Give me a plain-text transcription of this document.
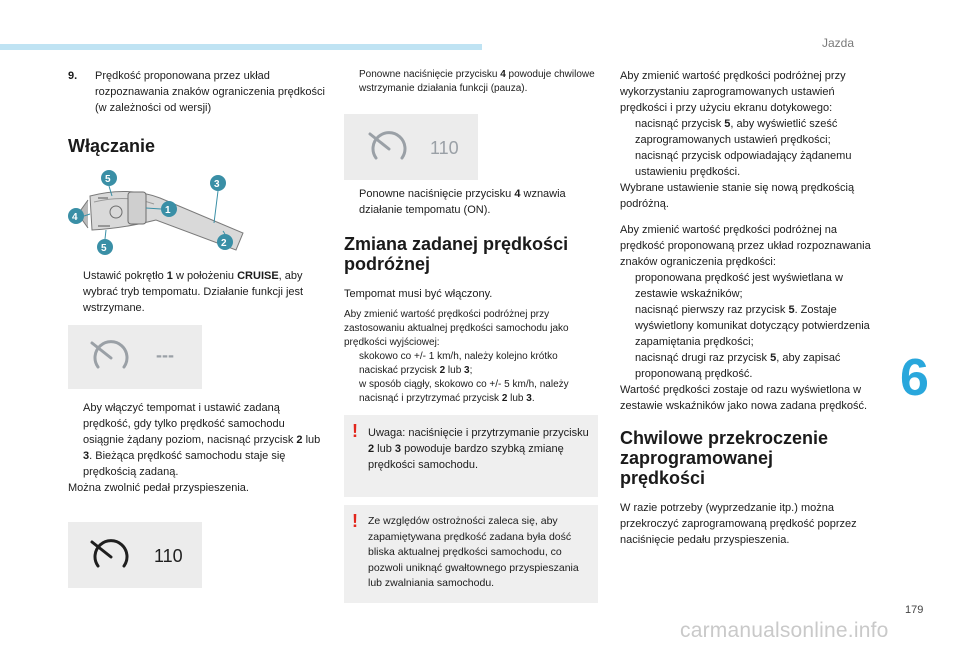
Jazda
6
9. Prędkość proponowana przez układ rozpoznawania znaków ograniczenia prędkości (w zależności od wersji)
Włączanie
5	3
1
4
2
5
Ustawić pokrętło 1 w położeniu CRUISE, aby wybrać tryb tempomatu. Działanie funkcji jest wstrzymane.
---
Aby włączyć tempomat i ustawić zadaną prędkość, gdy tylko prędkość samochodu osiągnie żądany poziom, nacisnąć przycisk 2 lub 3. Bieżąca prędkość samochodu staje się prędkością zadaną.
Można zwolnić pedał przyspieszenia.
110
Ponowne naciśnięcie przycisku 4 powoduje chwilowe wstrzymanie działania funkcji (pauza).
110
Ponowne naciśnięcie przycisku 4 wznawia działanie tempomatu (ON).
Zmiana zadanej prędkości podróżnej
Tempomat musi być włączony.
Aby zmienić wartość prędkości podróżnej przy zastosowaniu aktualnej prędkości samochodu jako prędkości wyjściowej:
skokowo co +/- 1 km/h, należy kolejno krótko naciskać przycisk 2 lub 3;
w sposób ciągły, skokowo co +/- 5 km/h, należy nacisnąć i przytrzymać przycisk 2 lub 3.
! Uwaga: naciśnięcie i przytrzymanie przycisku 2 lub 3 powoduje bardzo szybką zmianę prędkości samochodu.
! Ze względów ostrożności zaleca się, aby zapamiętywana prędkość zadana była dość bliska aktualnej prędkości samochodu, co pozwoli uniknąć gwałtownego przyspieszania lub zwalniania samochodu.
Aby zmienić wartość prędkości podróżnej przy wykorzystaniu zaprogramowanych ustawień prędkości i przy użyciu ekranu dotykowego:
nacisnąć przycisk 5, aby wyświetlić sześć zaprogramowanych ustawień prędkości;
nacisnąć przycisk odpowiadający żądanemu ustawieniu prędkości.
Wybrane ustawienie stanie się nową prędkością podróżną.
Aby zmienić wartość prędkości podróżnej na prędkość proponowaną przez układ rozpoznawania znaków ograniczenia prędkości:
proponowana prędkość jest wyświetlana w zestawie wskaźników;
nacisnąć pierwszy raz przycisk 5. Zostaje wyświetlony komunikat dotyczący potwierdzenia zapamiętania prędkości;
nacisnąć drugi raz przycisk 5, aby zapisać proponowaną prędkość.
Wartość prędkości zostaje od razu wyświetlona w zestawie wskaźników jako nowa zadana prędkość.
Chwilowe przekroczenie zaprogramowanej prędkości
W razie potrzeby (wyprzedzanie itp.) można przekroczyć zaprogramowaną prędkość poprzez naciśnięcie pedału przyspieszenia.
179
carmanualsonline.info
